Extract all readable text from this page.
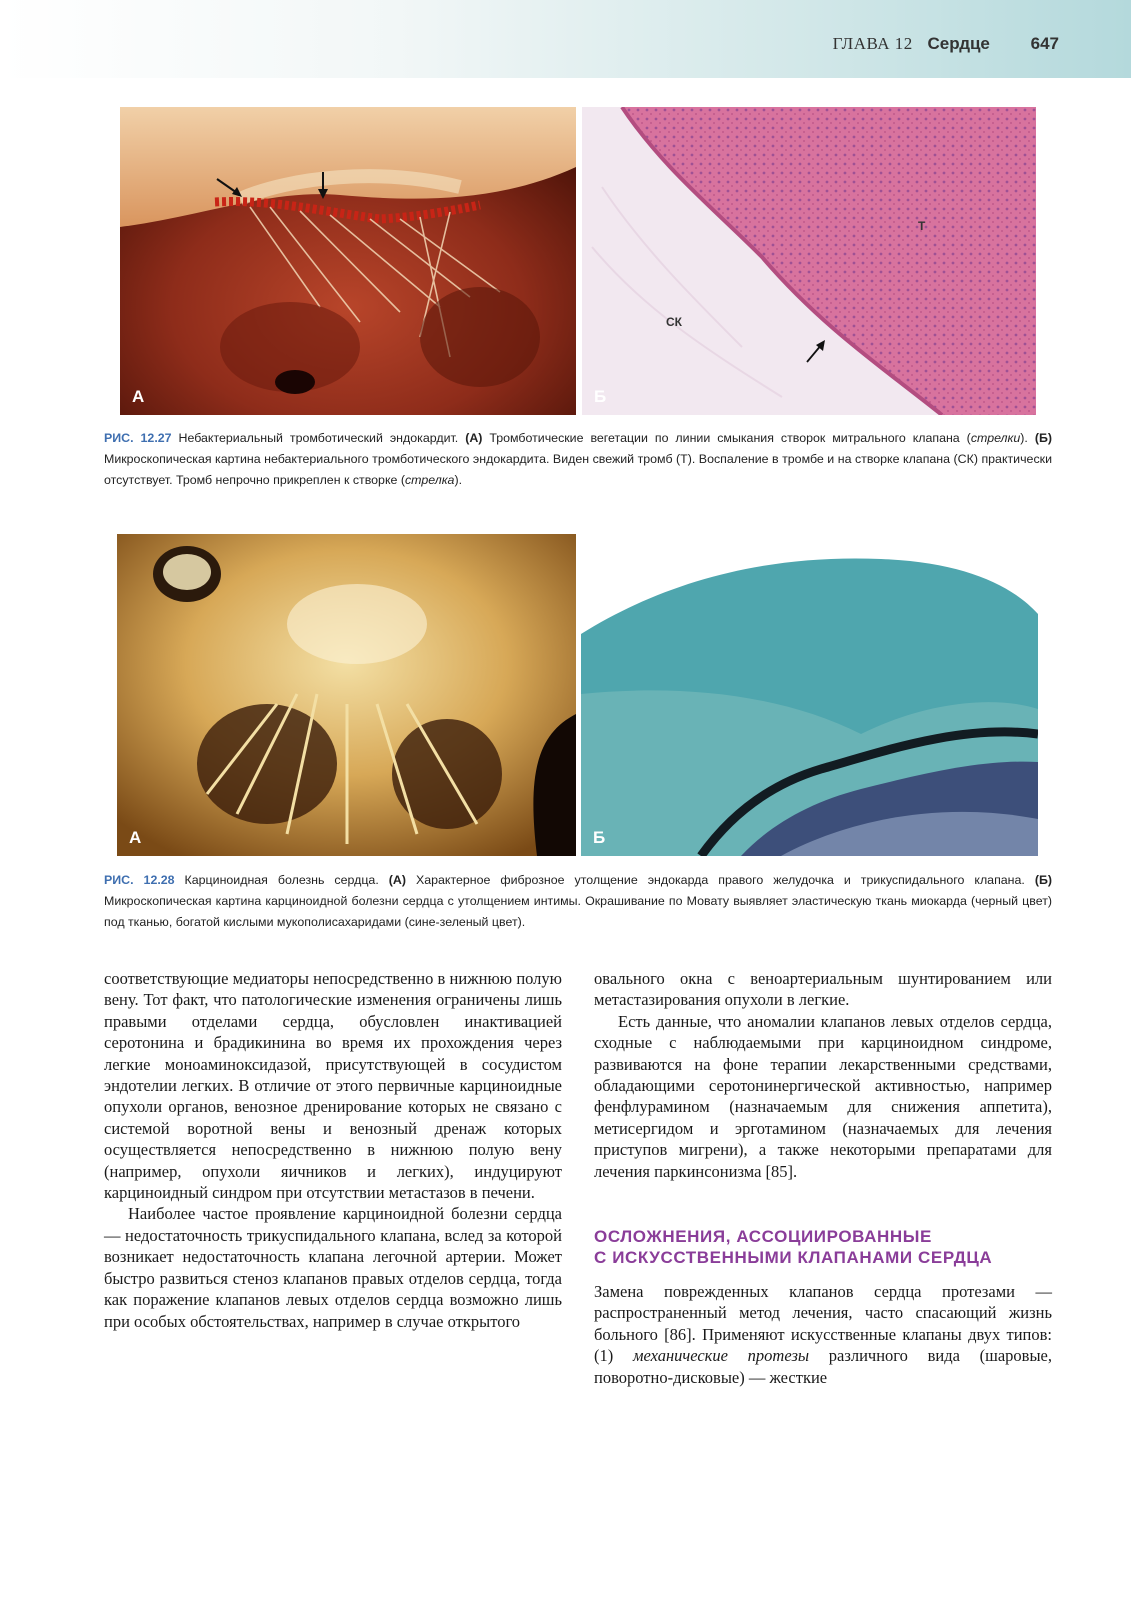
ГЛАВА 12 Сердце 647
А
T
СК
Б
РИС. 12.27 Небактериальный тромботический эндокардит. (А) Тромботические вегетации по линии смыкания створок митрального клапана (стрелки). (Б) Микроскопическая картина небактериального тромботического эндокардита. Виден свежий тромб (Т). Воспаление в тромбе и на створке клапана (СК) практически отсутствует. Тромб непрочно прикреплен к створке (стрелка).
А	Б
РИС. 12.28 Карциноидная болезнь сердца. (А) Характерное фиброзное утолщение эндокарда правого желудочка и трикуспидального клапана. (Б) Микроскопическая картина карциноидной болезни сердца с утолщением интимы. Окрашивание по Мовату выявляет эластическую ткань миокарда (черный цвет) под тканью, богатой кислыми мукополисахаридами (сине-зеленый цвет).

соответствующие медиаторы непосредственно в нижнюю полую вену. Тот факт, что патологические изменения ограничены лишь правыми отделами сердца, обусловлен инактивацией серотонина и брадикинина во время их прохождения через легкие моноаминоксидазой, присутствующей в сосудистом эндотелии легких. В отличие от этого первичные карциноидные опухоли органов, венозное дренирование которых не связано с системой воротной вены и венозный дренаж которых осуществляется непосредственно в нижнюю полую вену (например, опухоли яичников и легких), индуцируют карциноидный синдром при отсутствии метастазов в печени.

Наиболее частое проявление карциноидной болезни сердца — недостаточность трикуспидального клапана, вслед за которой возникает недостаточность клапана легочной артерии. Может быстро развиться стеноз клапанов правых отделов сердца, тогда как поражение клапанов левых отделов сердца возможно лишь при особых обстоятельствах, например в случае открытого

овального окна с веноартериальным шунтированием или метастазирования опухоли в легкие.

Есть данные, что аномалии клапанов левых отделов сердца, сходные с наблюдаемыми при карциноидном синдроме, развиваются на фоне терапии лекарственными средствами, обладающими серотонинергической активностью, например фенфлурамином (назначаемым для снижения аппетита), метисергидом и эрготамином (назначаемых для лечения приступов мигрени), а также некоторыми препаратами для лечения паркинсонизма [85].

ОСЛОЖНЕНИЯ, АССОЦИИРОВАННЫЕ
С ИСКУССТВЕННЫМИ КЛАПАНАМИ СЕРДЦА

Замена поврежденных клапанов сердца протезами — распространенный метод лечения, часто спасающий жизнь больного [86]. Применяют искусственные клапаны двух типов: (1) механические протезы различного вида (шаровые, поворотно-дисковые) — жесткие
